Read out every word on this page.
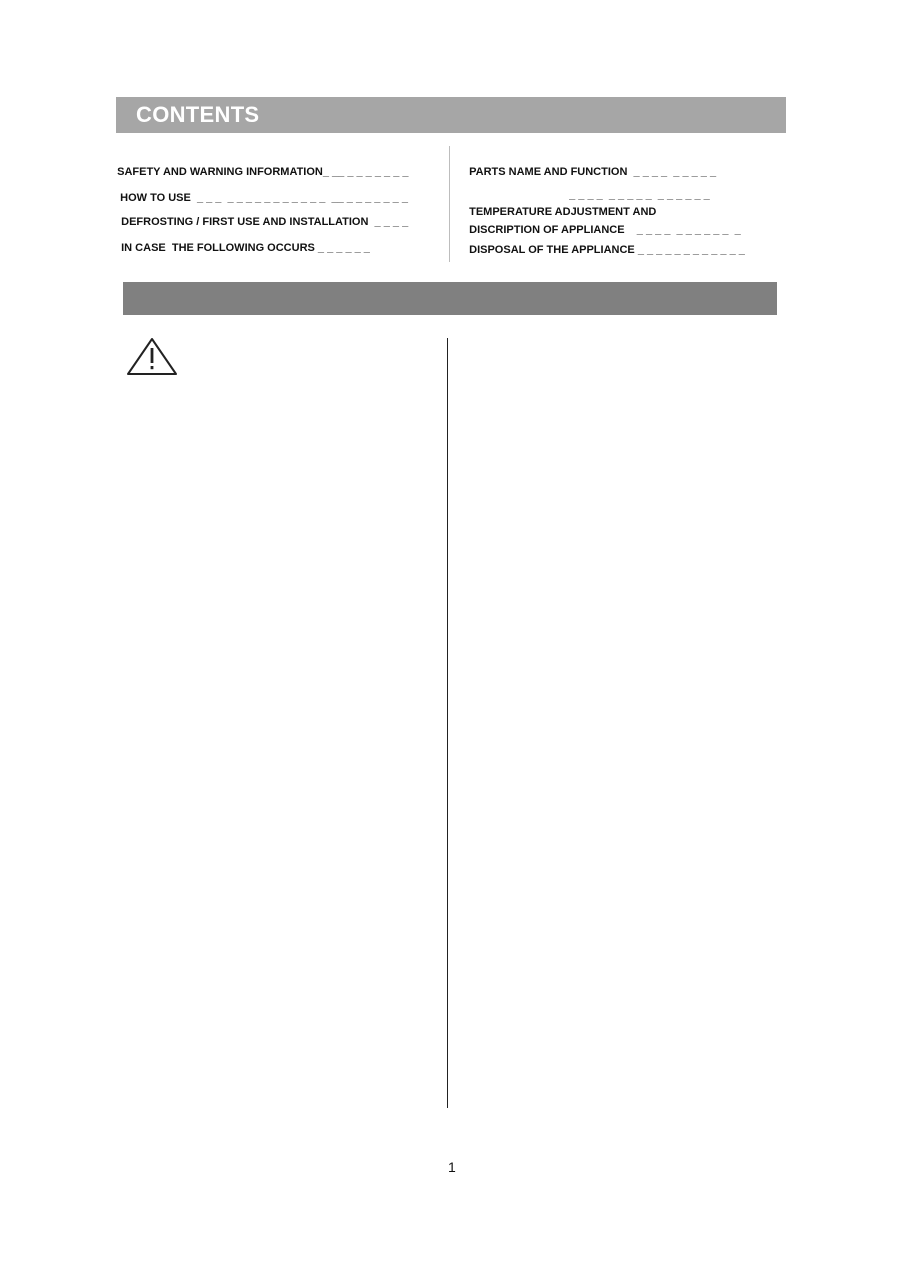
CONTENTS

SAFETY AND WARNING INFORMATION_ __ _ _ _ _ _ _ _

HOW TO USE _ _ _  _ _ _ _ _ _ _ _ _ _ _  __ _ _ _ _ _ _ _

DEFROSTING / FIRST USE AND INSTALLATION _ _ _ _

IN CASE  THE FOLLOWING OCCURS _ _ _ _ _ _

PARTS NAME AND FUNCTION _ _ _ _  _ _ _ _ _

_ _ _ _  _ _ _ _ _  _ _ _ _ _ _

TEMPERATURE ADJUSTMENT AND

DISCRIPTION OF APPLIANCE _ _ _ _  _ _ _ _ _ _  _

DISPOSAL OF THE APPLIANCE _ _ _ _ _ _ _ _ _ _ _ _

1
